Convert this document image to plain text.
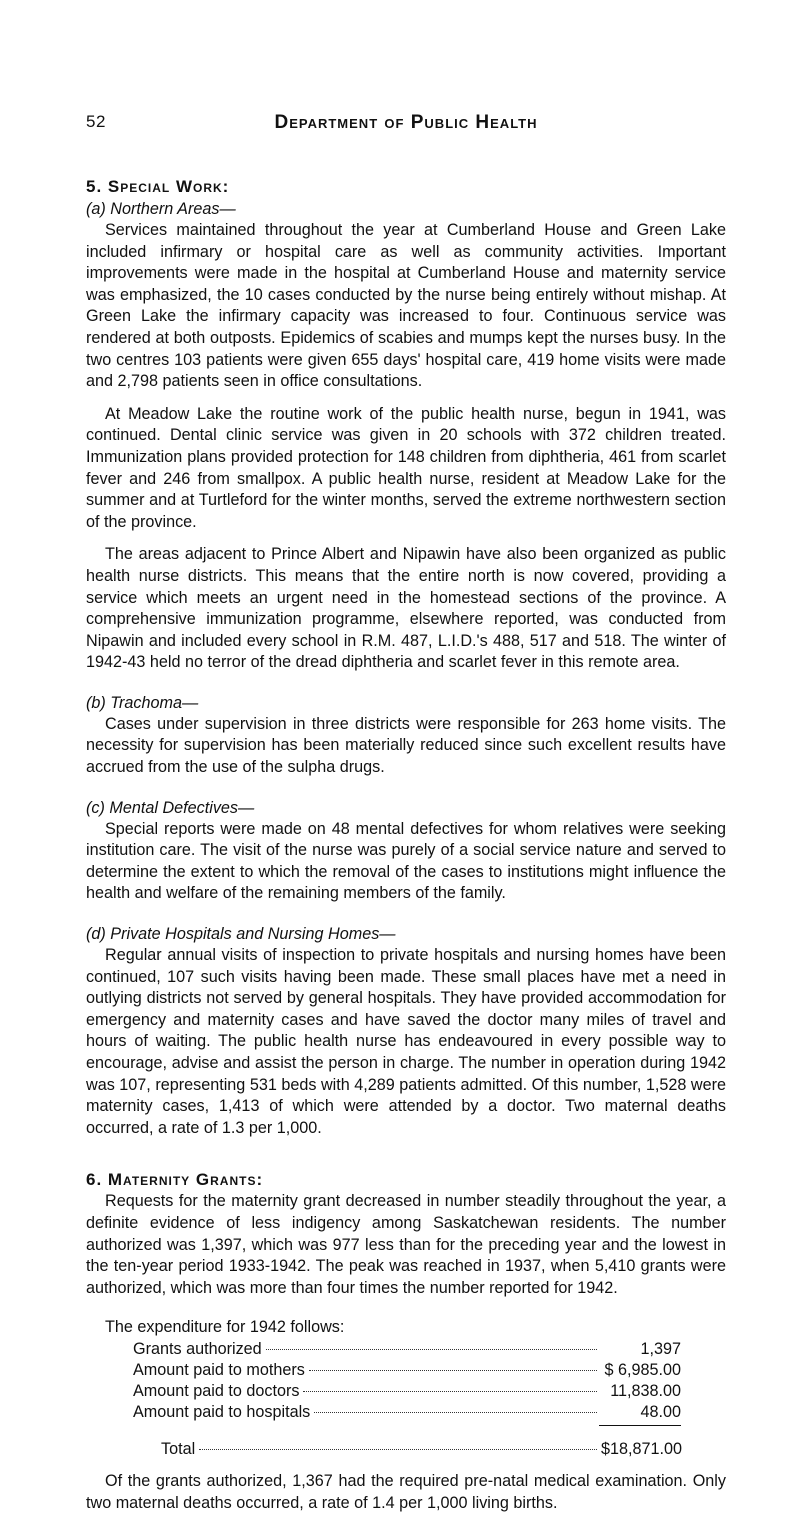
52	Department of Public Health
5. Special Work:
(a) Northern Areas—

Services maintained throughout the year at Cumberland House and Green Lake included infirmary or hospital care as well as community activities. Important improvements were made in the hospital at Cumberland House and maternity service was emphasized, the 10 cases conducted by the nurse being entirely without mishap. At Green Lake the infirmary capacity was increased to four. Continuous service was rendered at both outposts. Epidemics of scabies and mumps kept the nurses busy. In the two centres 103 patients were given 655 days' hospital care, 419 home visits were made and 2,798 patients seen in office consultations.

At Meadow Lake the routine work of the public health nurse, begun in 1941, was continued. Dental clinic service was given in 20 schools with 372 children treated. Immunization plans provided protection for 148 children from diphtheria, 461 from scarlet fever and 246 from smallpox. A public health nurse, resident at Meadow Lake for the summer and at Turtleford for the winter months, served the extreme northwestern section of the province.

The areas adjacent to Prince Albert and Nipawin have also been organized as public health nurse districts. This means that the entire north is now covered, providing a service which meets an urgent need in the homestead sections of the province. A comprehensive immunization programme, elsewhere reported, was conducted from Nipawin and included every school in R.M. 487, L.I.D.'s 488, 517 and 518. The winter of 1942-43 held no terror of the dread diphtheria and scarlet fever in this remote area.

(b) Trachoma—

Cases under supervision in three districts were responsible for 263 home visits. The necessity for supervision has been materially reduced since such excellent results have accrued from the use of the sulpha drugs.

(c) Mental Defectives—

Special reports were made on 48 mental defectives for whom relatives were seeking institution care. The visit of the nurse was purely of a social service nature and served to determine the extent to which the removal of the cases to institutions might influence the health and welfare of the remaining members of the family.

(d) Private Hospitals and Nursing Homes—

Regular annual visits of inspection to private hospitals and nursing homes have been continued, 107 such visits having been made. These small places have met a need in outlying districts not served by general hospitals. They have provided accommodation for emergency and maternity cases and have saved the doctor many miles of travel and hours of waiting. The public health nurse has endeavoured in every possible way to encourage, advise and assist the person in charge. The number in operation during 1942 was 107, representing 531 beds with 4,289 patients admitted. Of this number, 1,528 were maternity cases, 1,413 of which were attended by a doctor. Two maternal deaths occurred, a rate of 1.3 per 1,000.

6. Maternity Grants:

Requests for the maternity grant decreased in number steadily throughout the year, a definite evidence of less indigency among Saskatchewan residents. The number authorized was 1,397, which was 977 less than for the preceding year and the lowest in the ten-year period 1933-1942. The peak was reached in 1937, when 5,410 grants were authorized, which was more than four times the number reported for 1942.

The expenditure for 1942 follows:

Grants authorized	1,397
Amount paid to mothers	$ 6,985.00
Amount paid to doctors	11,838.00
Amount paid to hospitals	48.00
Total	$18,871.00

Of the grants authorized, 1,367 had the required pre-natal medical examination. Only two maternal deaths occurred, a rate of 1.4 per 1,000 living births.
